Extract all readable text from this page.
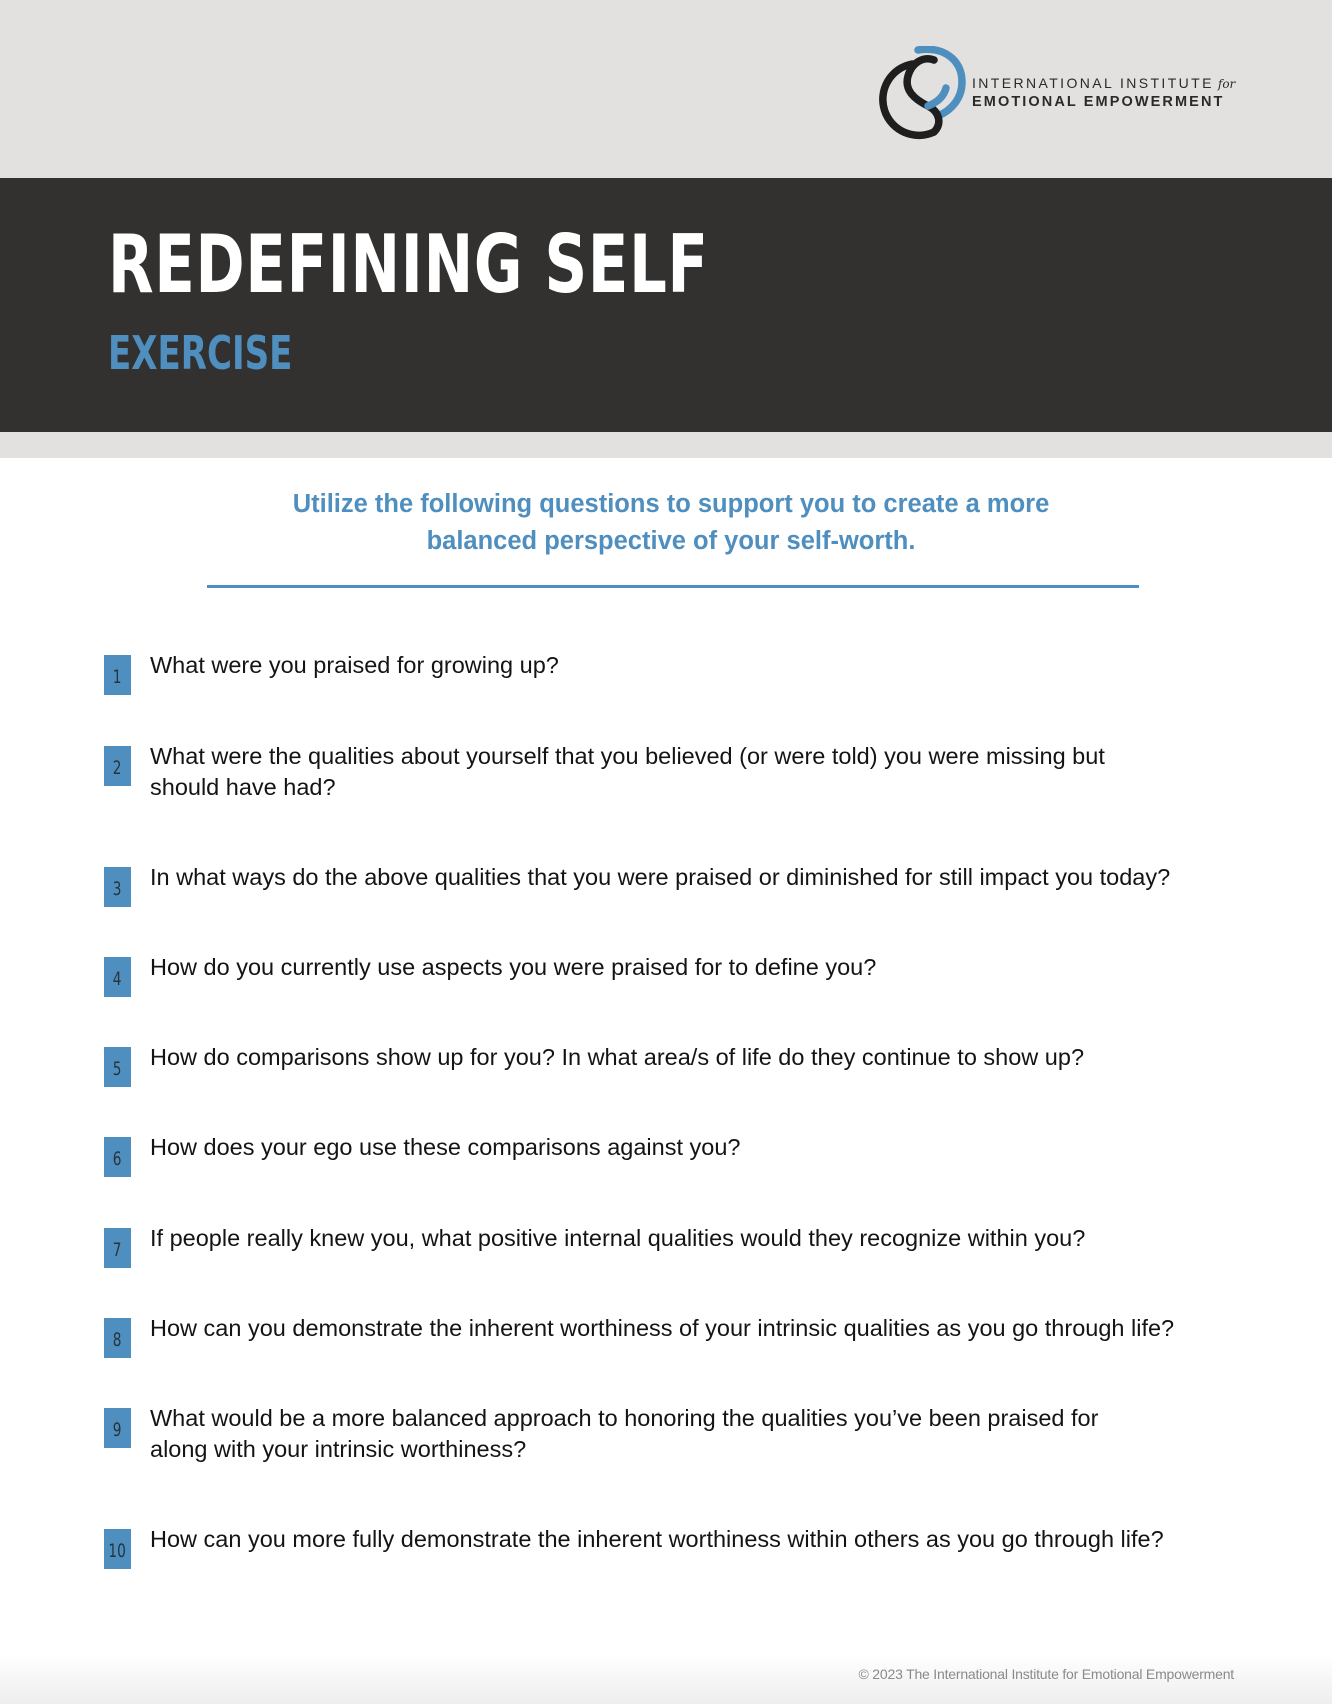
INTERNATIONAL INSTITUTE for
EMOTIONAL EMPOWERMENT
REDEFINING SELF
EXERCISE
Utilize the following questions to support you to create a more
balanced perspective of your self-worth.
1	What were you praised for growing up?
2	What were the qualities about yourself that you believed (or were told) you were missing but
should have had?
3	In what ways do the above qualities that you were praised or diminished for still impact you today?
4	How do you currently use aspects you were praised for to define you?
5	How do comparisons show up for you? In what area/s of life do they continue to show up?
6	How does your ego use these comparisons against you?
7	If people really knew you, what positive internal qualities would they recognize within you?
8	How can you demonstrate the inherent worthiness of your intrinsic qualities as you go through life?
9	What would be a more balanced approach to honoring the qualities you’ve been praised for
along with your intrinsic worthiness?
10 How can you more fully demonstrate the inherent worthiness within others as you go through life?
© 2023 The International Institute for Emotional Empowerment
